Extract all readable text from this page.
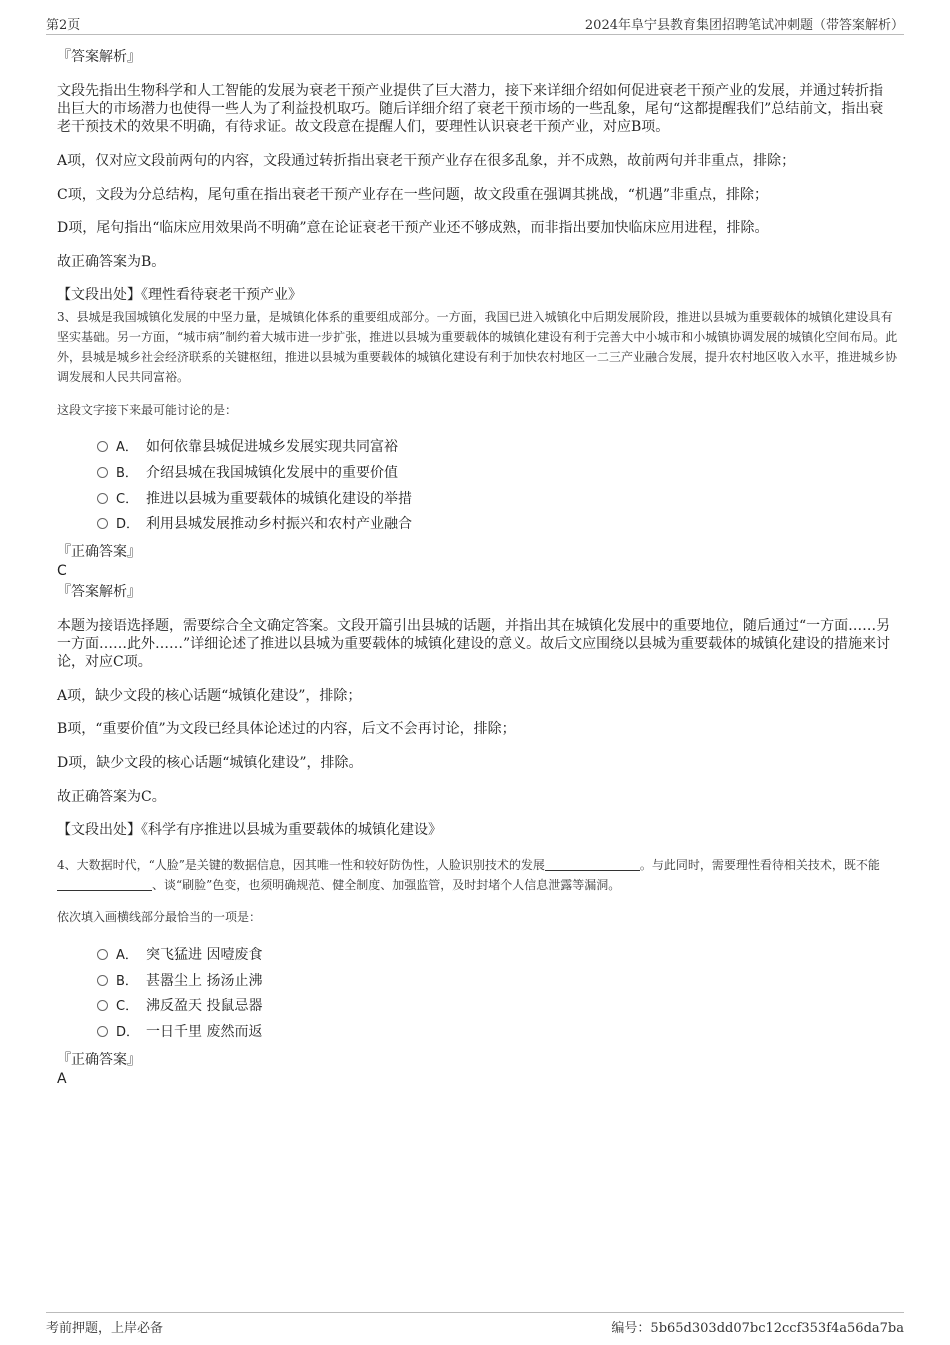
第2页	2024年阜宁县教育集团招聘笔试冲刺题（带答案解析）
『答案解析』
文段先指出生物科学和人工智能的发展为衰老干预产业提供了巨大潜力，接下来详细介绍如何促进衰老干预产业的发展，并通过转折指出巨大的市场潜力也使得一些人为了利益投机取巧。随后详细介绍了衰老干预市场的一些乱象，尾句“这都提醒我们”总结前文，指出衰老干预技术的效果不明确，有待求证。故文段意在提醒人们，要理性认识衰老干预产业，对应B项。
A项，仅对应文段前两句的内容，文段通过转折指出衰老干预产业存在很多乱象，并不成熟，故前两句并非重点，排除；
C项，文段为分总结构，尾句重在指出衰老干预产业存在一些问题，故文段重在强调其挑战，“机遇”非重点，排除；
D项，尾句指出“临床应用效果尚不明确”意在论证衰老干预产业还不够成熟，而非指出要加快临床应用进程，排除。
故正确答案为B。
【文段出处】《理性看待衰老干预产业》
3、县城是我国城镇化发展的中坚力量，是城镇化体系的重要组成部分。一方面，我国已进入城镇化中后期发展阶段，推进以县城为重要载体的城镇化建设具有坚实基础。另一方面，“城市病”制约着大城市进一步扩张，推进以县城为重要载体的城镇化建设有利于完善大中小城市和小城镇协调发展的城镇化空间布局。此外，县城是城乡社会经济联系的关键枢纽，推进以县城为重要载体的城镇化建设有利于加快农村地区一二三产业融合发展，提升农村地区收入水平，推进城乡协调发展和人民共同富裕。
这段文字接下来最可能讨论的是：
A． 如何依靠县城促进城乡发展实现共同富裕
B． 介绍县城在我国城镇化发展中的重要价值
C． 推进以县城为重要载体的城镇化建设的举措
D． 利用县城发展推动乡村振兴和农村产业融合
『正确答案』
C
『答案解析』
本题为接语选择题，需要综合全文确定答案。文段开篇引出县城的话题，并指出其在城镇化发展中的重要地位，随后通过“一方面……另一方面……此外……”详细论述了推进以县城为重要载体的城镇化建设的意义。故后文应围绕以县城为重要载体的城镇化建设的措施来讨论，对应C项。
A项，缺少文段的核心话题“城镇化建设”，排除；
B项，“重要价值”为文段已经具体论述过的内容，后文不会再讨论，排除；
D项，缺少文段的核心话题“城镇化建设”，排除。
故正确答案为C。
【文段出处】《科学有序推进以县城为重要载体的城镇化建设》
4、大数据时代，“人脸”是关键的数据信息，因其唯一性和较好防伪性，人脸识别技术的发展	。与此同时，需要理性看待相关技术，既不能、谈“刷脸”色变，也须明确规范、健全制度、加强监管，及时封堵个人信息泄露等漏洞。
依次填入画横线部分最恰当的一项是：
A． 突飞猛进 因噎废食
B． 甚嚣尘上 扬汤止沸
C． 沸反盈天 投鼠忌器
D． 一日千里 废然而返
『正确答案』
A
考前押题，上岸必备	编号：5b65d303dd07bc12ccf353f4a56da7ba
